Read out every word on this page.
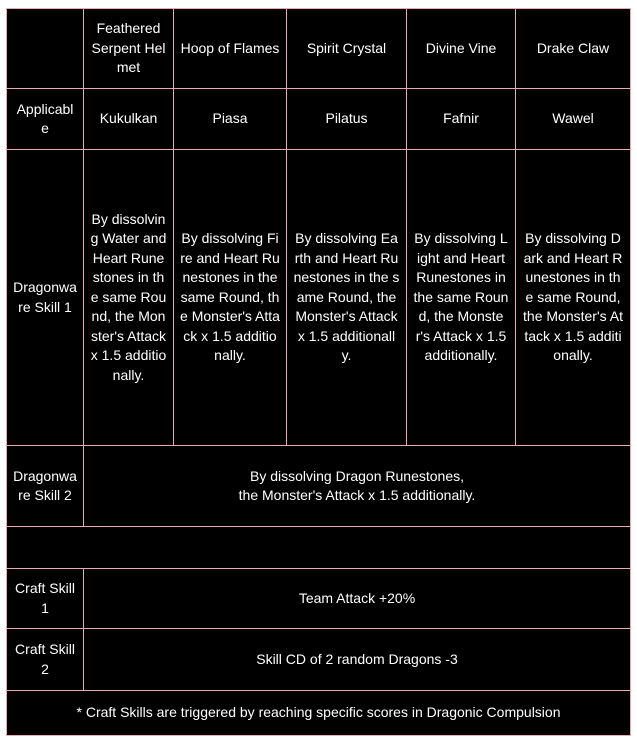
	Feathered Serpent Helmet	Hoop of Flames	Spirit Crystal	Divine Vine	Drake Claw
Applicable	Kukulkan	Piasa	Pilatus	Fafnir	Wawel
Dragonware Skill 1	By dissolving Water and Heart Runestones in the same Round, the Monster's Attack x 1.5 additionally.	By dissolving Fire and Heart Runestones in the same Round, the Monster's Attack x 1.5 additionally.	By dissolving Earth and Heart Runestones in the same Round, the Monster's Attack x 1.5 additionally.	By dissolving Light and Heart Runestones in the same Round, the Monster's Attack x 1.5 additionally.	By dissolving Dark and Heart Runestones in the same Round, the Monster's Attack x 1.5 additionally.
Dragonware Skill 2	By dissolving Dragon Runestones,
the Monster's Attack x 1.5 additionally.				

Craft Skill 1	Team Attack +20%				
Craft Skill 2	Skill CD of 2 random Dragons -3				
* Craft Skills are triggered by reaching specific scores in Dragonic Compulsion					
